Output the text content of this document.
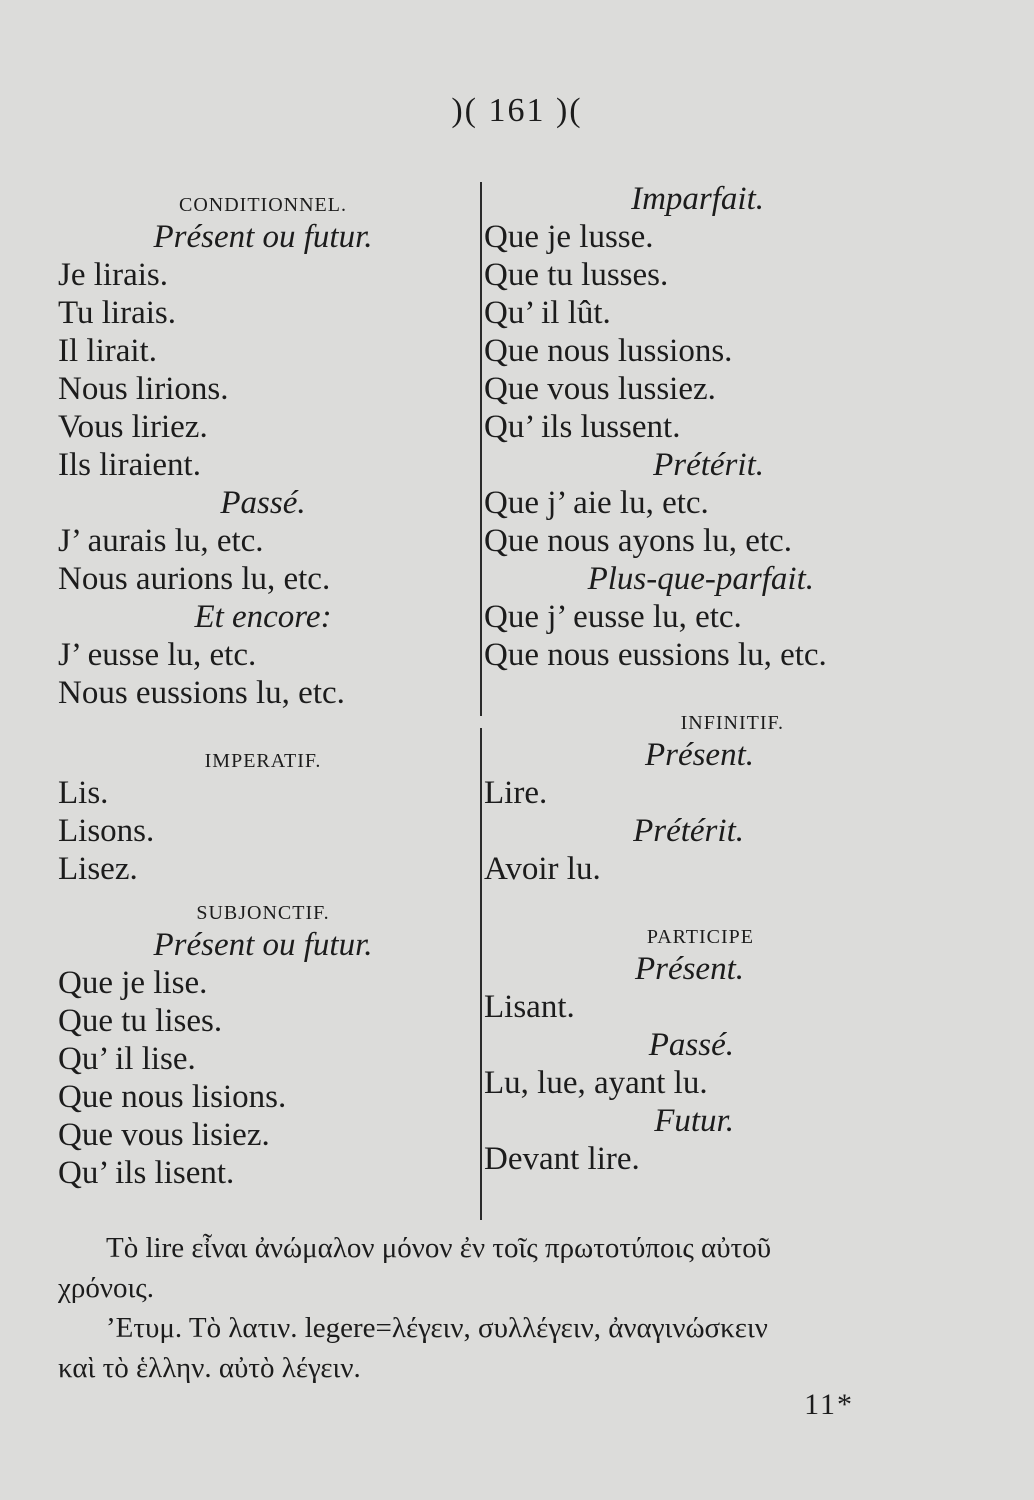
)( 161 )(
CONDITIONNEL.
Présent ou futur.
Je lirais.
Tu lirais.
Il lirait.
Nous lirions.
Vous liriez.
Ils liraient.
Passé.
J’ aurais lu, etc.
Nous aurions lu, etc.
Et encore:
J’ eusse lu, etc.
Nous eussions lu, etc.
IMPERATIF.
Lis.
Lisons.
Lisez.
SUBJONCTIF.
Présent ou futur.
Que je lise.
Que tu lises.
Qu’ il lise.
Que nous lisions.
Que vous lisiez.
Qu’ ils lisent.
Imparfait.
Que je lusse.
Que tu lusses.
Qu’ il lût.
Que nous lussions.
Que vous lussiez.
Qu’ ils lussent.
Prétérit.
Que j’ aie lu, etc.
Que nous ayons lu, etc.
Plus-que-parfait.
Que j’ eusse lu, etc.
Que nous eussions lu, etc.
INFINITIF.
Présent.
Lire.
Prétérit.
Avoir lu.
PARTICIPE
Présent.
Lisant.
Passé.
Lu, lue, ayant lu.
Futur.
Devant lire.
Τὸ lire εἶναι ἀνώμαλον μόνον ἐν τοῖς πρωτοτύποις αὐτοῦ
χρόνοις.
’Ετυμ. Τὸ λατιν. legere=λέγειν, συλλέγειν, ἀναγινώσκειν
καὶ τὸ ἑλλην. αὐτὸ λέγειν.
11*
